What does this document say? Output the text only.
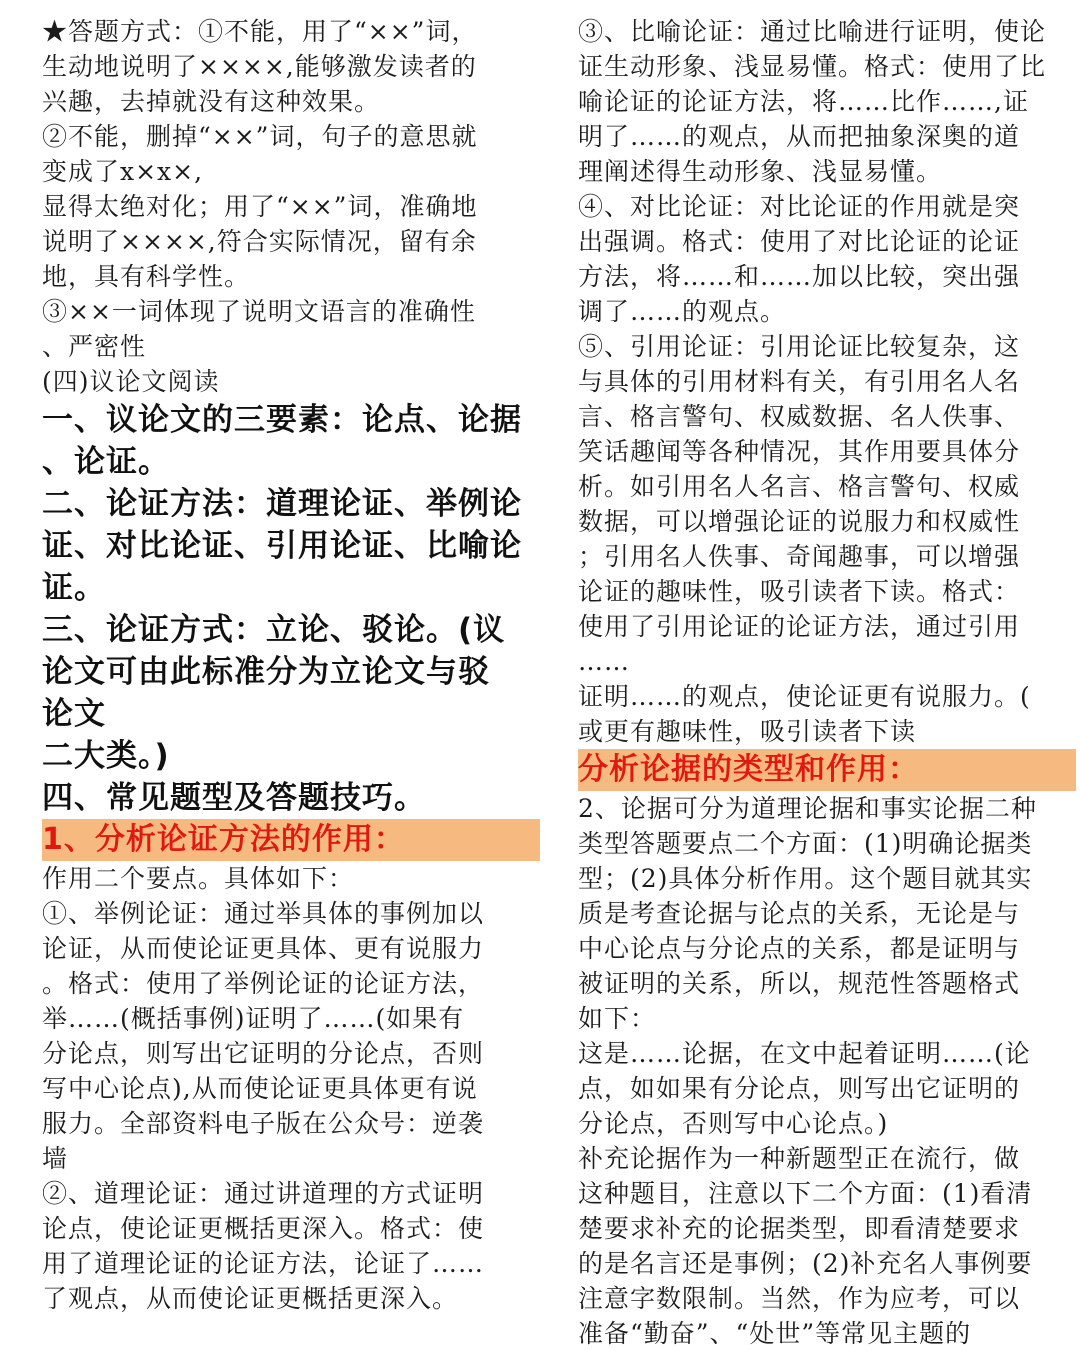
★答题方式：①不能，用了“××”词，
生动地说明了××××,能够激发读者的
兴趣，去掉就没有这种效果。
②不能，删掉“××”词，句子的意思就
变成了x×x×,
显得太绝对化；用了“××”词，准确地
说明了××××,符合实际情况，留有余
地，具有科学性。
③××一词体现了说明文语言的准确性
、严密性
(四)议论文阅读
一、议论文的三要素：论点、论据
、论证。
二、论证方法：道理论证、举例论
证、对比论证、引用论证、比喻论
证。
三、论证方式：立论、驳论。(议
论文可由此标准分为立论文与驳
论文
二大类。)
四、常见题型及答题技巧。
1、分析论证方法的作用：
作用二个要点。具体如下：
①、举例论证：通过举具体的事例加以
论证，从而使论证更具体、更有说服力
。格式：使用了举例论证的论证方法，
举……(概括事例)证明了……(如果有
分论点，则写出它证明的分论点，否则
写中心论点),从而使论证更具体更有说
服力。全部资料电子版在公众号：逆袭
墙
②、道理论证：通过讲道理的方式证明
论点，使论证更概括更深入。格式：使
用了道理论证的论证方法，论证了……
了观点，从而使论证更概括更深入。
③、比喻论证：通过比喻进行证明，使论
证生动形象、浅显易懂。格式：使用了比
喻论证的论证方法，将……比作……,证
明了……的观点，从而把抽象深奥的道
理阐述得生动形象、浅显易懂。
④、对比论证：对比论证的作用就是突
出强调。格式：使用了对比论证的论证
方法，将……和……加以比较，突出强
调了……的观点。
⑤、引用论证：引用论证比较复杂，这
与具体的引用材料有关，有引用名人名
言、格言警句、权威数据、名人佚事、
笑话趣闻等各种情况，其作用要具体分
析。如引用名人名言、格言警句、权威
数据，可以增强论证的说服力和权威性
；引用名人佚事、奇闻趣事，可以增强
论证的趣味性，吸引读者下读。格式：
使用了引用论证的论证方法，通过引用
……
证明……的观点，使论证更有说服力。(
或更有趣味性，吸引读者下读
分析论据的类型和作用：
2、论据可分为道理论据和事实论据二种
类型答题要点二个方面：(1)明确论据类
型；(2)具体分析作用。这个题目就其实
质是考查论据与论点的关系，无论是与
中心论点与分论点的关系，都是证明与
被证明的关系，所以，规范性答题格式
如下：
这是……论据，在文中起着证明……(论
点，如如果有分论点，则写出它证明的
分论点，否则写中心论点。)
补充论据作为一种新题型正在流行，做
这种题目，注意以下二个方面：(1)看清
楚要求补充的论据类型，即看清楚要求
的是名言还是事例；(2)补充名人事例要
注意字数限制。当然，作为应考，可以
准备“勤奋”、“处世”等常见主题的
